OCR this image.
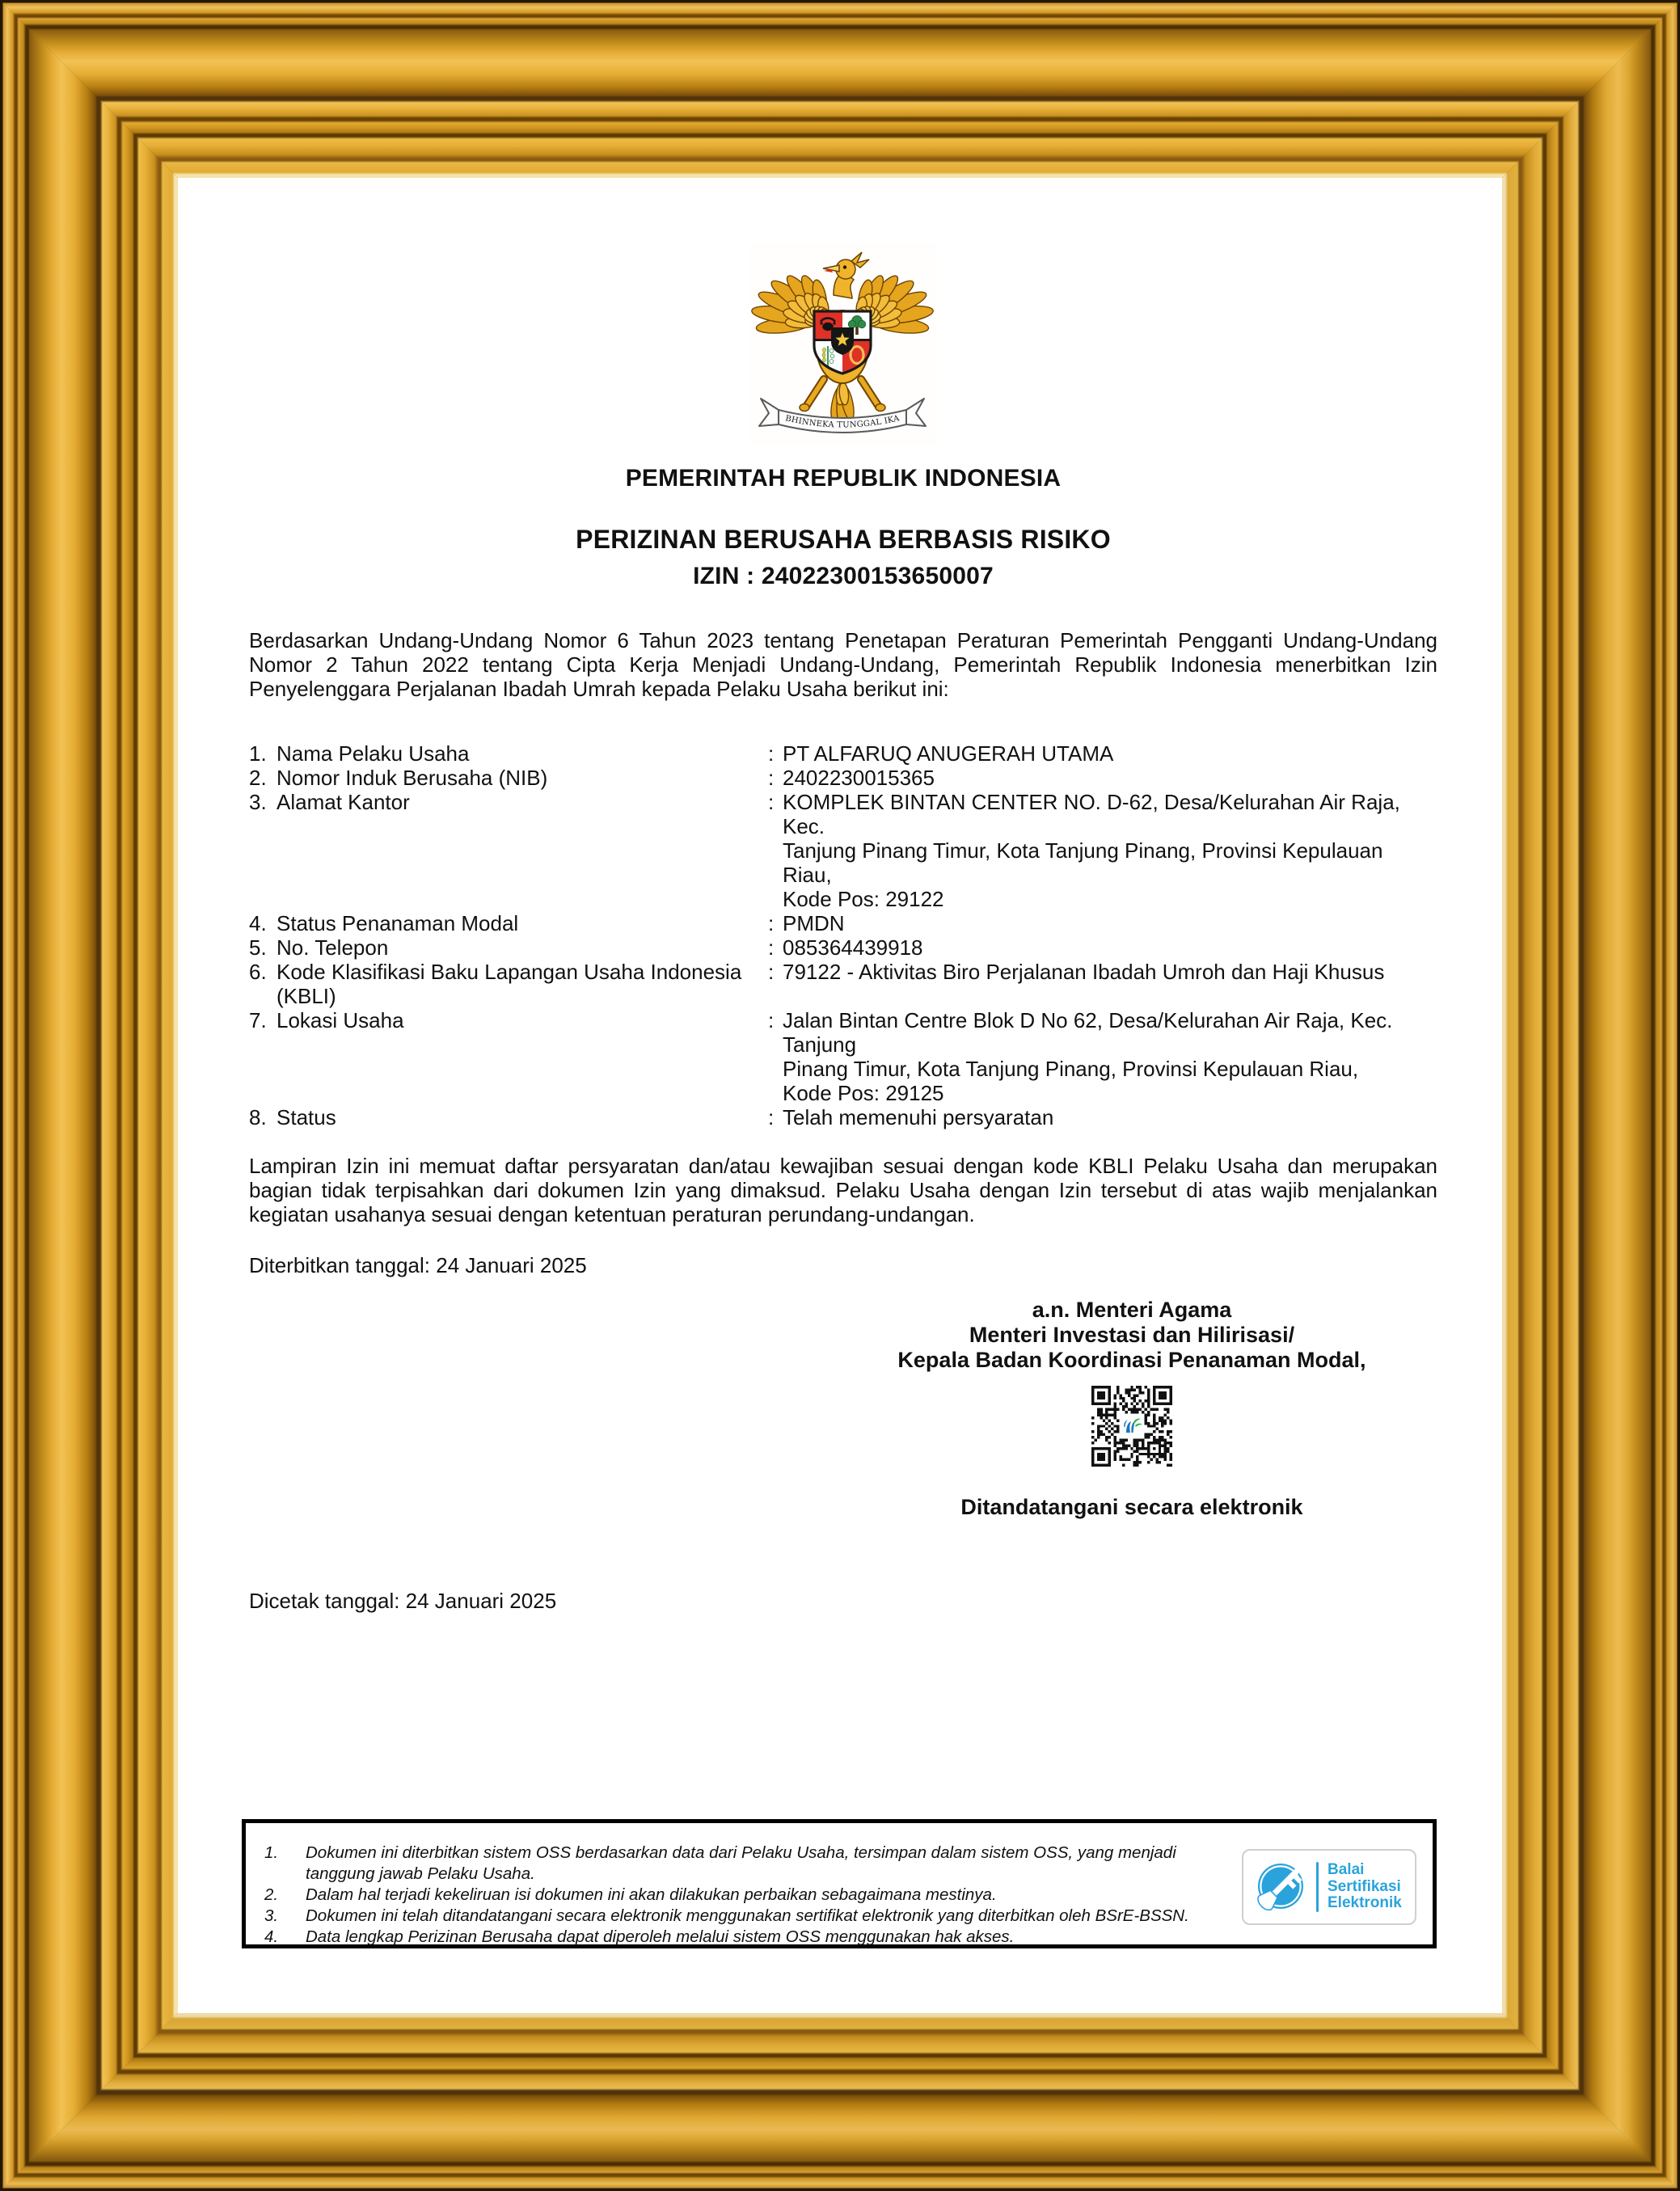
BHINNEKA TUNGGAL IKA
PEMERINTAH REPUBLIK INDONESIA
PERIZINAN BERUSAHA BERBASIS RISIKO
IZIN : 24022300153650007
Berdasarkan Undang-Undang Nomor 6 Tahun 2023 tentang Penetapan Peraturan Pemerintah Pengganti Undang-Undang Nomor 2 Tahun 2022 tentang Cipta Kerja Menjadi Undang-Undang, Pemerintah Republik Indonesia menerbitkan Izin Penyelenggara Perjalanan Ibadah Umrah kepada Pelaku Usaha berikut ini:
1. Nama Pelaku Usaha	: PT ALFARUQ ANUGERAH UTAMA
2. Nomor Induk Berusaha (NIB)	: 2402230015365
3. Alamat Kantor	: KOMPLEK BINTAN CENTER NO. D-62, Desa/Kelurahan Air Raja, Kec.
Tanjung Pinang Timur, Kota Tanjung Pinang, Provinsi Kepulauan Riau,
Kode Pos: 29122
4. Status Penanaman Modal	: PMDN
5. No. Telepon	: 085364439918
6. Kode Klasifikasi Baku Lapangan Usaha Indonesia (KBLI)
: 79122 - Aktivitas Biro Perjalanan Ibadah Umroh dan Haji Khusus
7. Lokasi Usaha	: Jalan Bintan Centre Blok D No 62, Desa/Kelurahan Air Raja, Kec. Tanjung
Pinang Timur, Kota Tanjung Pinang, Provinsi Kepulauan Riau,
Kode Pos: 29125
8. Status	: Telah memenuhi persyaratan
Lampiran Izin ini memuat daftar persyaratan dan/atau kewajiban sesuai dengan kode KBLI Pelaku Usaha dan merupakan bagian tidak terpisahkan dari dokumen Izin yang dimaksud. Pelaku Usaha dengan Izin tersebut di atas wajib menjalankan kegiatan usahanya sesuai dengan ketentuan peraturan perundang-undangan.
Diterbitkan tanggal: 24 Januari 2025
a.n. Menteri Agama
Menteri Investasi dan Hilirisasi/
Kepala Badan Koordinasi Penanaman Modal,
Ditandatangani secara elektronik
Dicetak tanggal: 24 Januari 2025
1.	Dokumen ini diterbitkan sistem OSS berdasarkan data dari Pelaku Usaha, tersimpan dalam sistem OSS, yang menjadi tanggung jawab Pelaku Usaha.
2.	Dalam hal terjadi kekeliruan isi dokumen ini akan dilakukan perbaikan sebagaimana mestinya.
3.	Dokumen ini telah ditandatangani secara elektronik menggunakan sertifikat elektronik yang diterbitkan oleh BSrE-BSSN.
4.	Data lengkap Perizinan Berusaha dapat diperoleh melalui sistem OSS menggunakan hak akses.
Balai
Sertifikasi
Elektronik
